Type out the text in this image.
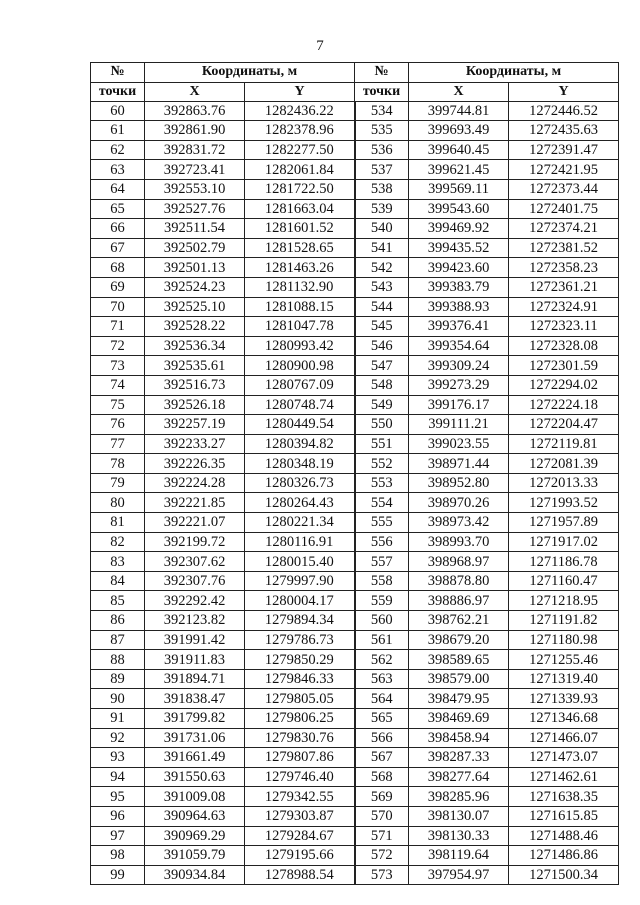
7
№	Координаты, м		№	Координаты, м	
точки	X	Y	точки	X	Y
60	392863.76	1282436.22	534	399744.81	1272446.52
61	392861.90	1282378.96	535	399693.49	1272435.63
62	392831.72	1282277.50	536	399640.45	1272391.47
63	392723.41	1282061.84	537	399621.45	1272421.95
64	392553.10	1281722.50	538	399569.11	1272373.44
65	392527.76	1281663.04	539	399543.60	1272401.75
66	392511.54	1281601.52	540	399469.92	1272374.21
67	392502.79	1281528.65	541	399435.52	1272381.52
68	392501.13	1281463.26	542	399423.60	1272358.23
69	392524.23	1281132.90	543	399383.79	1272361.21
70	392525.10	1281088.15	544	399388.93	1272324.91
71	392528.22	1281047.78	545	399376.41	1272323.11
72	392536.34	1280993.42	546	399354.64	1272328.08
73	392535.61	1280900.98	547	399309.24	1272301.59
74	392516.73	1280767.09	548	399273.29	1272294.02
75	392526.18	1280748.74	549	399176.17	1272224.18
76	392257.19	1280449.54	550	399111.21	1272204.47
77	392233.27	1280394.82	551	399023.55	1272119.81
78	392226.35	1280348.19	552	398971.44	1272081.39
79	392224.28	1280326.73	553	398952.80	1272013.33
80	392221.85	1280264.43	554	398970.26	1271993.52
81	392221.07	1280221.34	555	398973.42	1271957.89
82	392199.72	1280116.91	556	398993.70	1271917.02
83	392307.62	1280015.40	557	398968.97	1271186.78
84	392307.76	1279997.90	558	398878.80	1271160.47
85	392292.42	1280004.17	559	398886.97	1271218.95
86	392123.82	1279894.34	560	398762.21	1271191.82
87	391991.42	1279786.73	561	398679.20	1271180.98
88	391911.83	1279850.29	562	398589.65	1271255.46
89	391894.71	1279846.33	563	398579.00	1271319.40
90	391838.47	1279805.05	564	398479.95	1271339.93
91	391799.82	1279806.25	565	398469.69	1271346.68
92	391731.06	1279830.76	566	398458.94	1271466.07
93	391661.49	1279807.86	567	398287.33	1271473.07
94	391550.63	1279746.40	568	398277.64	1271462.61
95	391009.08	1279342.55	569	398285.96	1271638.35
96	390964.63	1279303.87	570	398130.07	1271615.85
97	390969.29	1279284.67	571	398130.33	1271488.46
98	391059.79	1279195.66	572	398119.64	1271486.86
99	390934.84	1278988.54	573	397954.97	1271500.34
